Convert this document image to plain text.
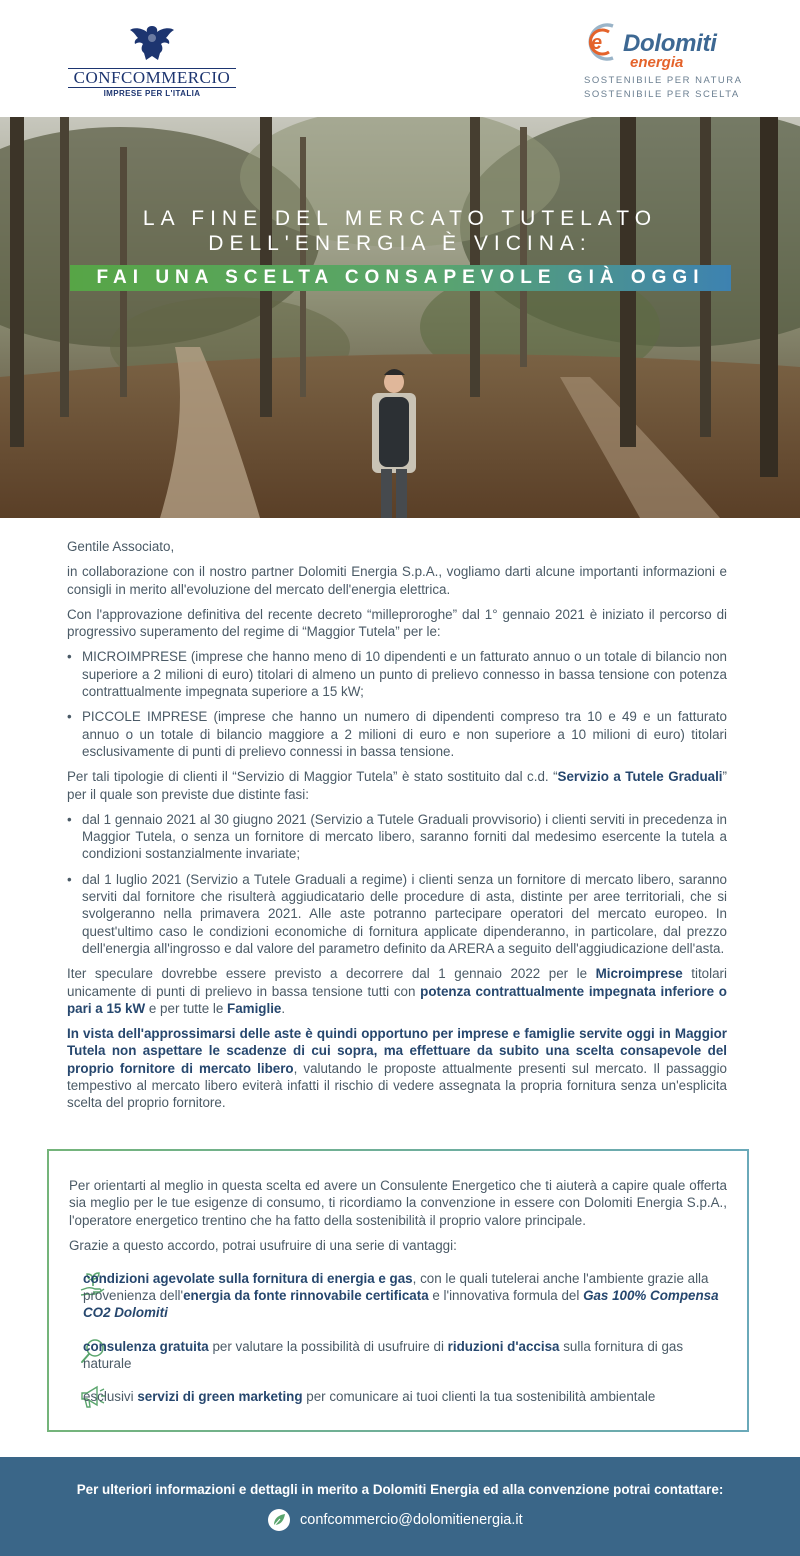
CONFCOMMERCIO
IMPRESE PER L'ITALIA
e Dolomiti
energia
SOSTENIBILE PER NATURA
SOSTENIBILE PER SCELTA
LA FINE DEL MERCATO TUTELATO
DELL'ENERGIA È VICINA:
FAI UNA SCELTA CONSAPEVOLE GIÀ OGGI

Gentile Associato,

in collaborazione con il nostro partner Dolomiti Energia S.p.A., vogliamo darti alcune importanti informazioni e consigli in merito all'evoluzione del mercato dell'energia elettrica.

Con l'approvazione definitiva del recente decreto “milleproroghe” dal 1° gennaio 2021 è iniziato il percorso di progressivo superamento del regime di “Maggior Tutela” per le:

• MICROIMPRESE (imprese che hanno meno di 10 dipendenti e un fatturato annuo o un totale di bilancio non superiore a 2 milioni di euro) titolari di almeno un punto di prelievo connesso in bassa tensione con potenza contrattualmente impegnata superiore a 15 kW;
• PICCOLE IMPRESE (imprese che hanno un numero di dipendenti compreso tra 10 e 49 e un fatturato annuo o un totale di bilancio maggiore a 2 milioni di euro e non superiore a 10 milioni di euro) titolari esclusivamente di punti di prelievo connessi in bassa tensione.

Per tali tipologie di clienti il “Servizio di Maggior Tutela” è stato sostituito dal c.d. “Servizio a Tutele Graduali” per il quale son previste due distinte fasi:

• dal 1 gennaio 2021 al 30 giugno 2021 (Servizio a Tutele Graduali provvisorio) i clienti serviti in precedenza in Maggior Tutela, o senza un fornitore di mercato libero, saranno forniti dal medesimo esercente la tutela a condizioni sostanzialmente invariate;
• dal 1 luglio 2021 (Servizio a Tutele Graduali a regime) i clienti senza un fornitore di mercato libero, saranno serviti dal fornitore che risulterà aggiudicatario delle procedure di asta, distinte per aree territoriali, che si svolgeranno nella primavera 2021. Alle aste potranno partecipare operatori del mercato europeo. In quest'ultimo caso le condizioni economiche di fornitura applicate dipenderanno, in particolare, dal prezzo dell'energia all'ingrosso e dal valore del parametro definito da ARERA a seguito dell'aggiudicazione dell'asta.

Iter speculare dovrebbe essere previsto a decorrere dal 1 gennaio 2022 per le Microimprese titolari unicamente di punti di prelievo in bassa tensione tutti con potenza contrattualmente impegnata inferiore o pari a 15 kW e per tutte le Famiglie.

In vista dell'approssimarsi delle aste è quindi opportuno per imprese e famiglie servite oggi in Maggior Tutela non aspettare le scadenze di cui sopra, ma effettuare da subito una scelta consapevole del proprio fornitore di mercato libero, valutando le proposte attualmente presenti sul mercato. Il passaggio tempestivo al mercato libero eviterà infatti il rischio di vedere assegnata la propria fornitura senza un'esplicita scelta del proprio fornitore.

Per orientarti al meglio in questa scelta ed avere un Consulente Energetico che ti aiuterà a capire quale offerta sia meglio per le tue esigenze di consumo, ti ricordiamo la convenzione in essere con Dolomiti Energia S.p.A., l'operatore energetico trentino che ha fatto della sostenibilità il proprio valore principale.

Grazie a questo accordo, potrai usufruire di una serie di vantaggi:

condizioni agevolate sulla fornitura di energia e gas, con le quali tutelerai anche l'ambiente grazie alla provenienza dell'energia da fonte rinnovabile certificata e l'innovativa formula del Gas 100% Compensa CO2 Dolomiti
consulenza gratuita per valutare la possibilità di usufruire di riduzioni d'accisa sulla fornitura di gas naturale
esclusivi servizi di green marketing per comunicare ai tuoi clienti la tua sostenibilità ambientale
Per ulteriori informazioni e dettagli in merito a Dolomiti Energia ed alla convenzione potrai contattare:
confcommercio@dolomitienergia.it
